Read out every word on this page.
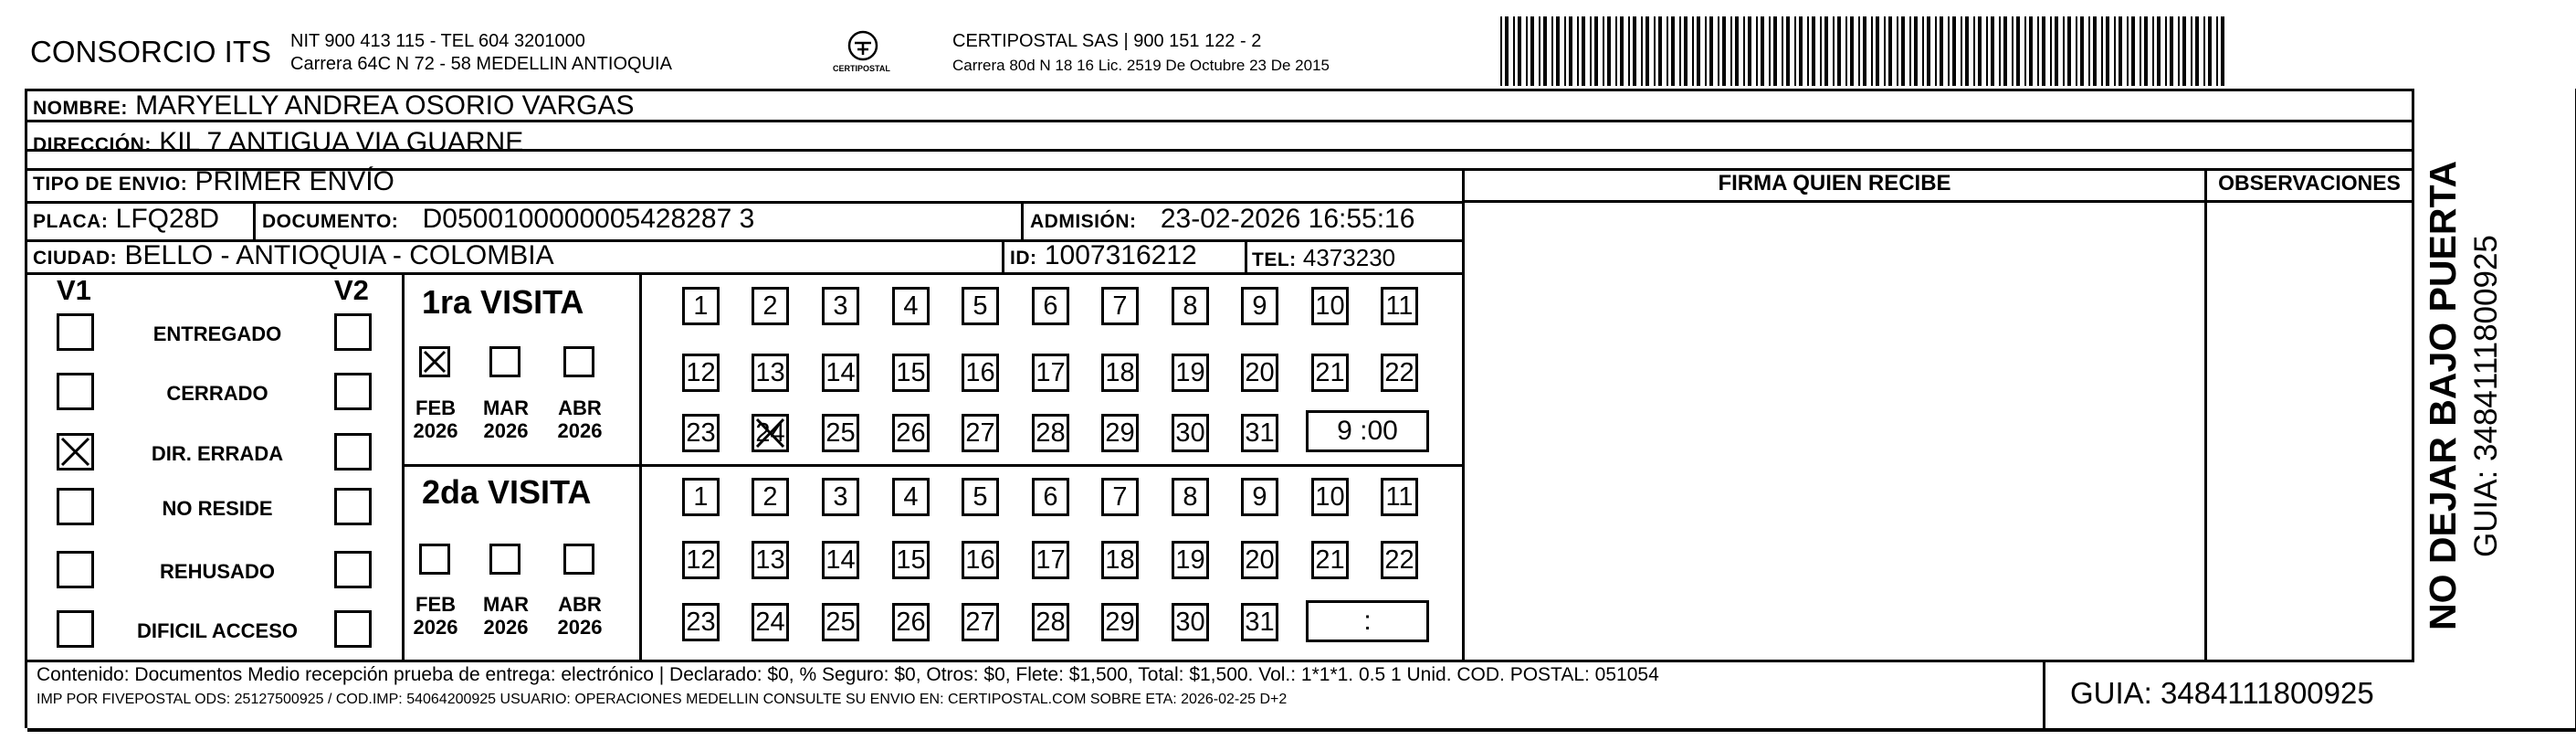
CONSORCIO ITS NIT 900 413 115 - TEL 604 3201000
Carrera 64C N 72 - 58 MEDELLIN ANTIOQUIA	CERTIPOSTAL
CERTIPOSTAL SAS | 900 151 122 - 2
Carrera 80d N 18 16 Lic. 2519 De Octubre 23 De 2015
NOMBRE: MARYELLY ANDREA OSORIO VARGAS
DIRECCIÓN: KIL 7 ANTIGUA VIA GUARNE
TIPO DE ENVIO: PRIMER ENVÍO
PLACA: LFQ28D DOCUMENTO: D0500100000005428287 3	ADMISIÓN: 23-02-2026 16:55:16
CIUDAD: BELLO - ANTIOQUIA - COLOMBIA	ID: 1007316212	TEL: 4373230
FIRMA QUIEN RECIBE	OBSERVACIONES
V1	V2 1ra VISITA
2da VISITA
9 :00
:	NO DEJAR BAJO PUERTA GUIA: 3484111800925
Contenido: Documentos Medio recepción prueba de entrega: electrónico | Declarado: $0, % Seguro: $0, Otros: $0, Flete: $1,500, Total: $1,500. Vol.: 1*1*1. 0.5 1 Unid. COD. POSTAL: 051054
IMP POR FIVEPOSTAL ODS: 25127500925 / COD.IMP: 54064200925 USUARIO: OPERACIONES MEDELLIN CONSULTE SU ENVIO EN: CERTIPOSTAL.COM SOBRE ETA: 2026-02-25 D+2	GUIA: 3484111800925
ENTREGADO
CERRADO
DIR. ERRADA
NO RESIDE
REHUSADO
DIFICIL ACCESO
FEB
2026
MAR
2026
ABR
2026
FEB
2026
MAR
2026
ABR
2026
1	2	3	4	5	6	7	8	9	10 11
12 13 14 15 16 17 18 19 20 21 22
23 24 25 26 27 28 29 30 31
1	2	3	4	5	6	7	8	9	10 11
12 13 14 15 16 17 18 19 20 21 22
23 24 25 26 27 28 29 30 31
